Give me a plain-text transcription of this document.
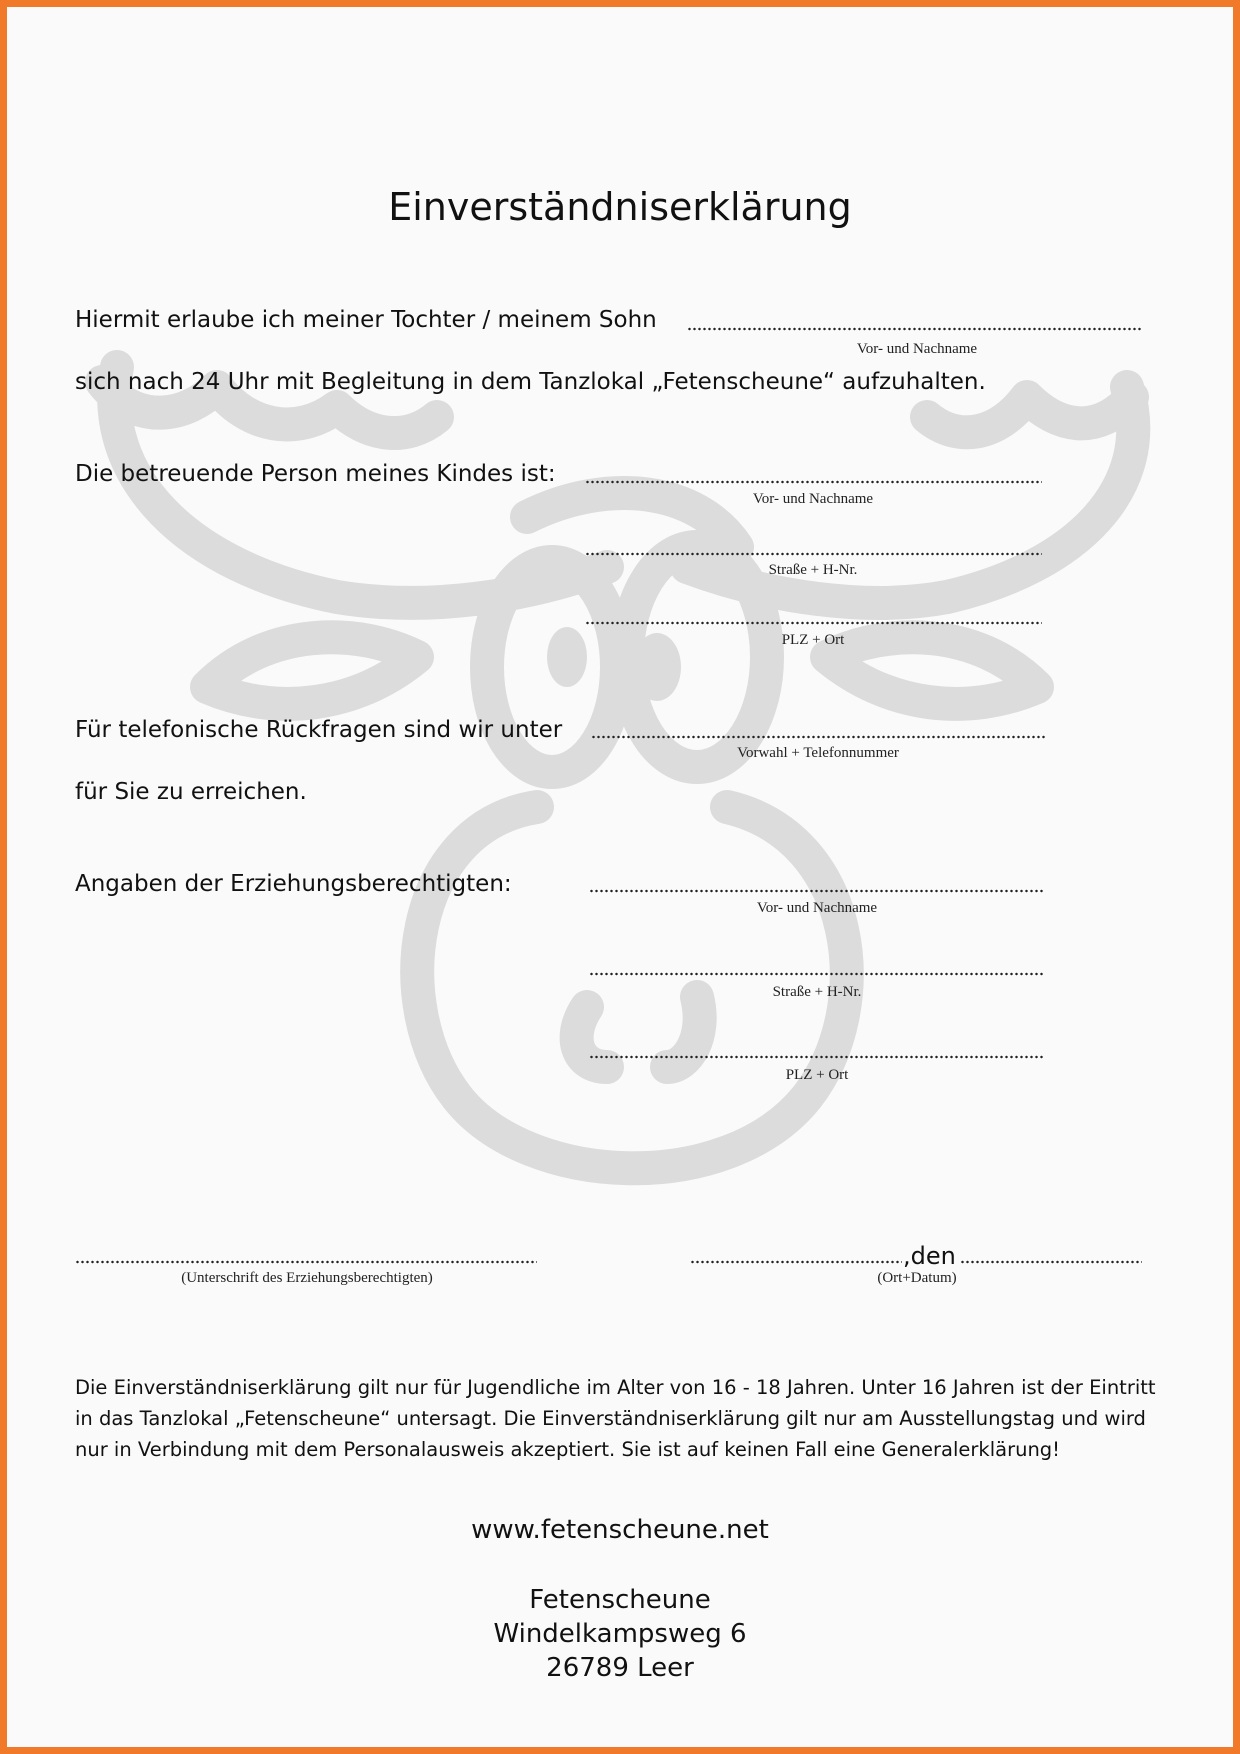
Einverständniserklärung
Hiermit erlaube ich meiner Tochter / meinem Sohn
Vor- und Nachname
sich nach 24 Uhr mit Begleitung in dem Tanzlokal „Fetenscheune“ aufzuhalten.
Die betreuende Person meines Kindes ist:
Vor- und Nachname
Straße + H-Nr.
PLZ + Ort
Für telefonische Rückfragen sind wir unter
Vorwahl + Telefonnummer
für Sie zu erreichen.
Angaben der Erziehungsberechtigten:
Vor- und Nachname
Straße + H-Nr.
PLZ + Ort
(Unterschrift des Erziehungsberechtigten)
,den
(Ort+Datum)
Die Einverständniserklärung gilt nur für Jugendliche im Alter von 16 - 18 Jahren. Unter 16 Jahren ist der Eintritt in das Tanzlokal „Fetenscheune“ untersagt. Die Einverständniserklärung gilt nur am Ausstellungstag und wird nur in Verbindung mit dem Personalausweis akzeptiert. Sie ist auf keinen Fall eine Generalerklärung!
www.fetenscheune.net
Fetenscheune
Windelkampsweg 6
26789 Leer
